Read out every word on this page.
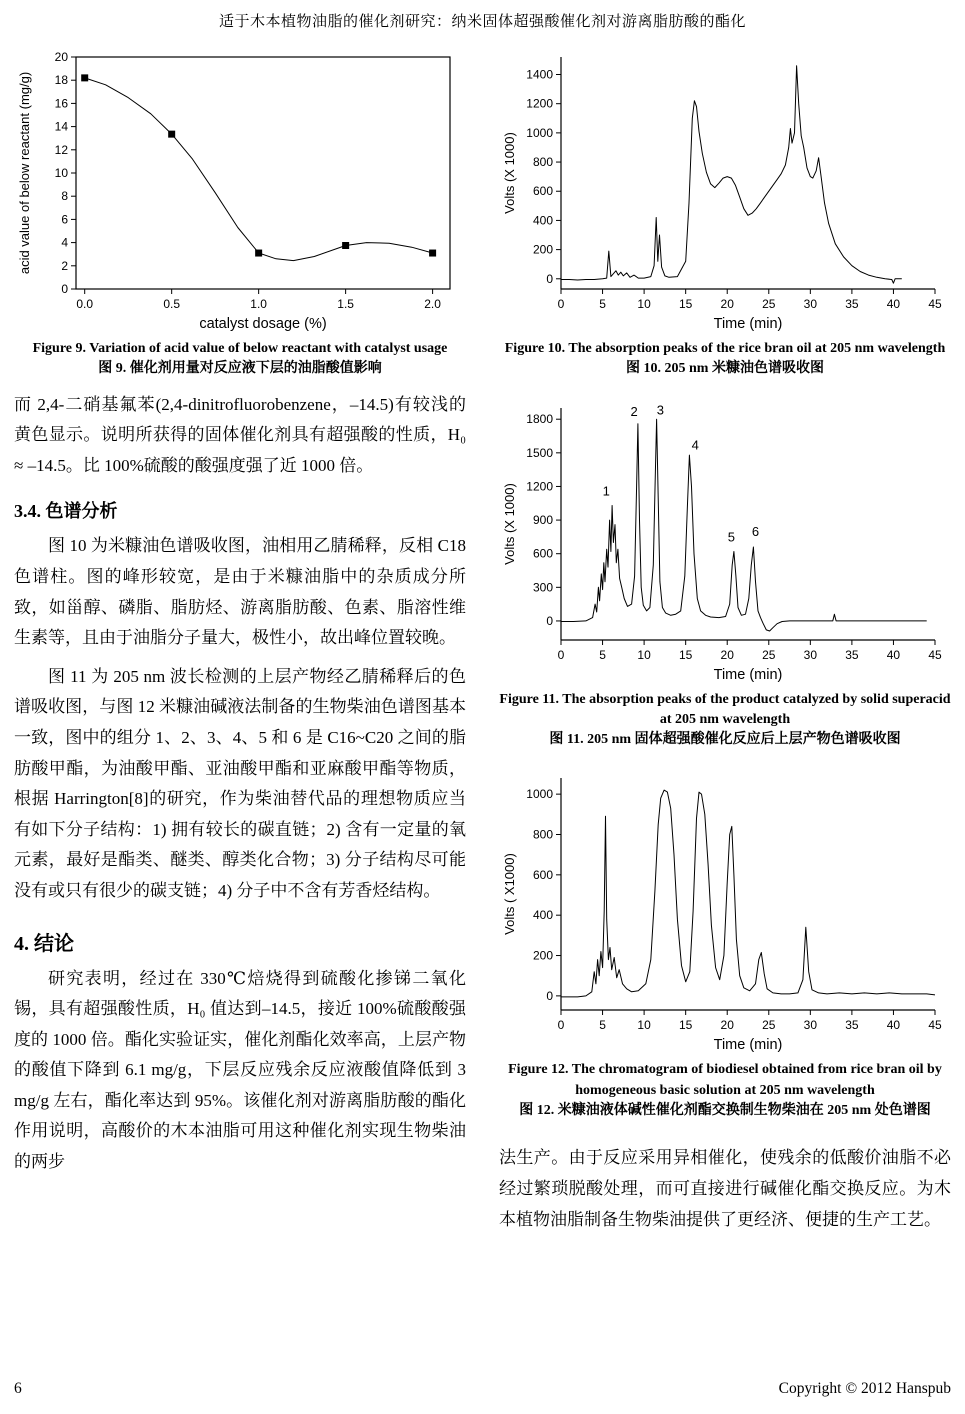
适于木本植物油脂的催化剂研究：纳米固体超强酸催化剂对游离脂肪酸的酯化
0.0	0.5	1.0	1.5	2.0
0
2
4
6
8
10
12
14
16
18
20
catalyst dosage (%)
acid value of below reactant (mg/g)
Figure 9. Variation of acid value of below reactant with catalyst usage
图 9. 催化剂用量对反应液下层的油脂酸值影响

而 2,4-二硝基氟苯(2,4-dinitrofluorobenzene，–14.5)有较浅的黄色显示。说明所获得的固体催化剂具有超强酸的性质，H₀ ≈ –14.5。比 100%硫酸的酸强度强了近 1000 倍。

3.4. 色谱分析

图 10 为米糠油色谱吸收图，油相用乙腈稀释，反相 C18 色谱柱。图的峰形较宽，是由于米糠油脂中的杂质成分所致，如甾醇、磷脂、脂肪烃、游离脂肪酸、色素、脂溶性维生素等，且由于油脂分子量大，极性小，故出峰位置较晚。

图 11 为 205 nm 波长检测的上层产物经乙腈稀释后的色谱吸收图，与图 12 米糠油碱液法制备的生物柴油色谱图基本一致，图中的组分 1、2、3、4、5 和 6 是 C16~C20 之间的脂肪酸甲酯，为油酸甲酯、亚油酸甲酯和亚麻酸甲酯等物质，根据 Harrington[8]的研究，作为柴油替代品的理想物质应当有如下分子结构：1) 拥有较长的碳直链；2) 含有一定量的氧元素，最好是酯类、醚类、醇类化合物；3) 分子结构尽可能没有或只有很少的碳支链；4) 分子中不含有芳香烃结构。

4. 结论

研究表明，经过在 330℃焙烧得到硫酸化掺锑二氧化锡，具有超强酸性质，H₀ 值达到–14.5，接近 100%硫酸酸强度的 1000 倍。酯化实验证实，催化剂酯化效率高，上层产物的酸值下降到 6.1 mg/g，下层反应残余反应液酸值降低到 3 mg/g 左右，酯化率达到 95%。该催化剂对游离脂肪酸的酯化作用说明，高酸价的木本油脂可用这种催化剂实现生物柴油的两步

0	5	10 15 20 25 30 35 40 45
0
200
400
600
800
1000
1200
1400
Time (min)
Volts (X 1000)
Figure 10. The absorption peaks of the rice bran oil at 205 nm wavelength
图 10. 205 nm 米糠油色谱吸收图
0	5	10 15 20 25 30 35 40 45
0
300
600
900
1200
1500
1800
1
2 3
4
5 6
Time (min)
Volts (X 1000)
Figure 11. The absorption peaks of the product catalyzed by solid superacid at 205 nm wavelength
图 11. 205 nm 固体超强酸催化反应后上层产物色谱吸收图
0	5	10 15 20 25 30 35 40 45
0
200
400
600
800
1000
Time (min)
Volts ( X1000)
Figure 12. The chromatogram of biodiesel obtained from rice bran oil by homogeneous basic solution at 205 nm wavelength
图 12. 米糠油液体碱性催化剂酯交换制生物柴油在 205 nm 处色谱图

法生产。由于反应采用异相催化，使残余的低酸价油脂不必经过繁琐脱酸处理，而可直接进行碱催化酯交换反应。为木本植物油脂制备生物柴油提供了更经济、便捷的生产工艺。

6	Copyright © 2012 Hanspub
